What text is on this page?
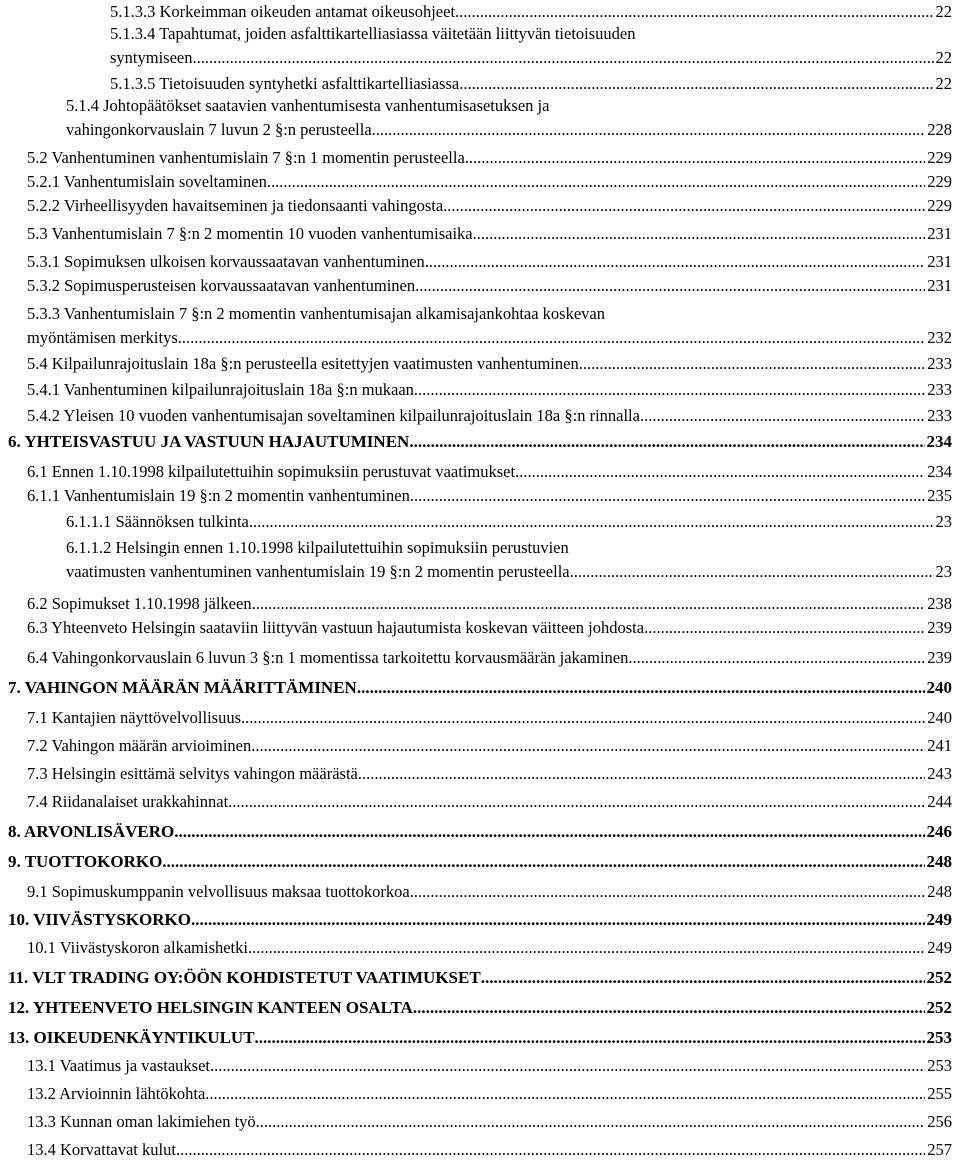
5.1.3.3 Korkeimman oikeuden antamat oikeusohjeet .....	22
5.1.3.4 Tapahtumat, joiden asfalttikartelliasiassa väitetään liittyvän tietoisuuden
syntymiseen .....	22
5.1.3.5 Tietoisuuden syntyhetki asfalttikartelliasiassa .....	22
5.1.4 Johtopäätökset saatavien vanhentumisesta vanhentumisasetuksen ja
vahingonkorvauslain 7 luvun 2 §:n perusteella .....	228
5.2 Vanhentuminen vanhentumislain 7 §:n 1 momentin perusteella .....	229
5.2.1 Vanhentumislain soveltaminen .....	229
5.2.2 Virheellisyyden havaitseminen ja tiedonsaanti vahingosta .....	229
5.3 Vanhentumislain 7 §:n 2 momentin 10 vuoden vanhentumisaika .....	231
5.3.1 Sopimuksen ulkoisen korvaussaatavan vanhentuminen .....	231
5.3.2 Sopimusperusteisen korvaussaatavan vanhentuminen .....	231
5.3.3 Vanhentumislain 7 §:n 2 momentin vanhentumisajan alkamisajankohtaa koskevan
myöntämisen merkitys .....	232
5.4 Kilpailunrajoituslain 18a §:n perusteella esitettyjen vaatimusten vanhentuminen .....	233
5.4.1 Vanhentuminen kilpailunrajoituslain 18a §:n mukaan .....	233
5.4.2 Yleisen 10 vuoden vanhentumisajan soveltaminen kilpailunrajoituslain 18a §:n rinnalla .....	233
6. YHTEISVASTUU JA VASTUUN HAJAUTUMINEN .....	234
6.1 Ennen 1.10.1998 kilpailutettuihin sopimuksiin perustuvat vaatimukset .....	234
6.1.1 Vanhentumislain 19 §:n 2 momentin vanhentuminen .....	235
6.1.1.1 Säännöksen tulkinta .....	23
6.1.1.2 Helsingin ennen 1.10.1998 kilpailutettuihin sopimuksiin perustuvien
vaatimusten vanhentuminen vanhentumislain 19 §:n 2 momentin perusteella .....	23
6.2 Sopimukset 1.10.1998 jälkeen .....	238
6.3 Yhteenveto Helsingin saataviin liittyvän vastuun hajautumista koskevan väitteen johdosta .....	239
6.4 Vahingonkorvauslain 6 luvun 3 §:n 1 momentissa tarkoitettu korvausmäärän jakaminen .....	239
7. VAHINGON MÄÄRÄN MÄÄRITTÄMINEN .....	240
7.1 Kantajien näyttövelvollisuus .....	240
7.2 Vahingon määrän arvioiminen .....	241
7.3 Helsingin esittämä selvitys vahingon määrästä .....	243
7.4 Riidanalaiset urakkahinnat .....	244
8. ARVONLISÄVERO .....	246
9. TUOTTOKORKO .....	248
9.1 Sopimuskumppanin velvollisuus maksaa tuottokorkoa .....	248
10. VIIVÄSTYSKORKO .....	249
10.1 Viivästyskoron alkamishetki .....	249
11. VLT TRADING OY:ÖÖN KOHDISTETUT VAATIMUKSET .....	252
12. YHTEENVETO HELSINGIN KANTEEN OSALTA .....	252
13. OIKEUDENKÄYNTIKULUT .....	253
13.1 Vaatimus ja vastaukset .....	253
13.2 Arvioinnin lähtökohta .....	255
13.3 Kunnan oman lakimiehen työ .....	256
13.4 Korvattavat kulut .....	257
